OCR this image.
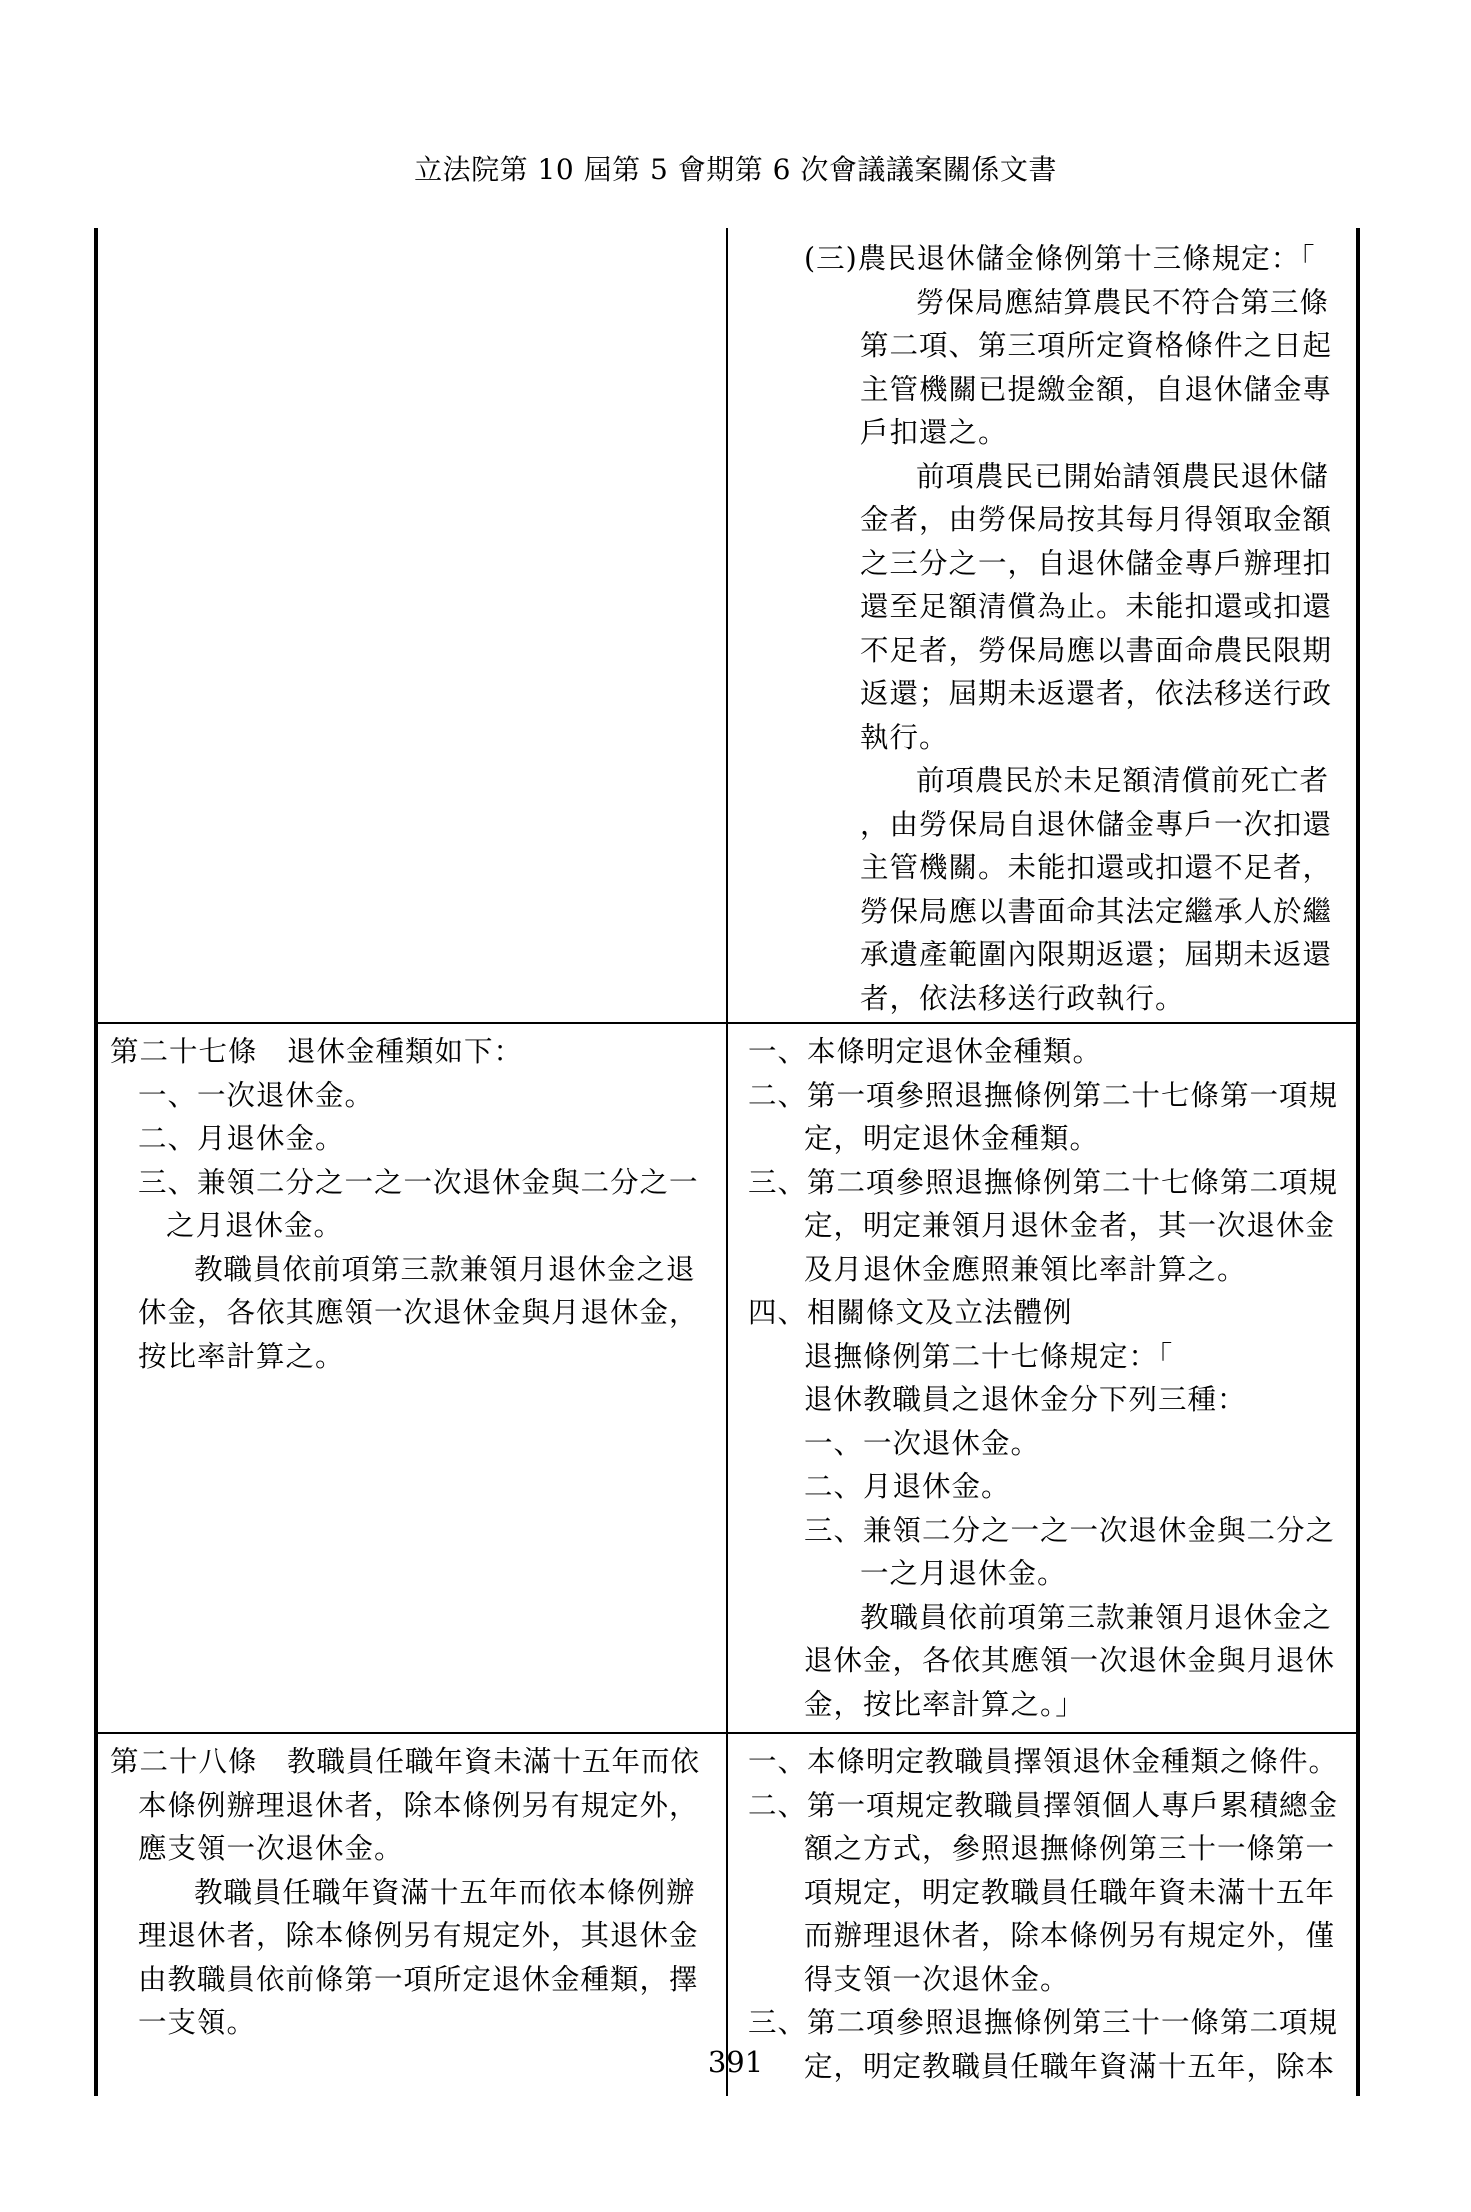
立法院第 10 屆第 5 會期第 6 次會議議案關係文書

(三)農民退休儲金條例第十三條規定：「

勞保局應結算農民不符合第三條

第二項、第三項所定資格條件之日起

主管機關已提繳金額，自退休儲金專

戶扣還之。

前項農民已開始請領農民退休儲

金者，由勞保局按其每月得領取金額

之三分之一，自退休儲金專戶辦理扣

還至足額清償為止。未能扣還或扣還

不足者，勞保局應以書面命農民限期

返還；屆期未返還者，依法移送行政

執行。

前項農民於未足額清償前死亡者

，由勞保局自退休儲金專戶一次扣還

主管機關。未能扣還或扣還不足者，

勞保局應以書面命其法定繼承人於繼

承遺產範圍內限期返還；屆期未返還

者，依法移送行政執行。

第二十七條　退休金種類如下：

一、一次退休金。

二、月退休金。

三、兼領二分之一之一次退休金與二分之一

之月退休金。

教職員依前項第三款兼領月退休金之退

休金，各依其應領一次退休金與月退休金，

按比率計算之。

一、本條明定退休金種類。

二、第一項參照退撫條例第二十七條第一項規

定，明定退休金種類。

三、第二項參照退撫條例第二十七條第二項規

定，明定兼領月退休金者，其一次退休金

及月退休金應照兼領比率計算之。

四、相關條文及立法體例

退撫條例第二十七條規定：「

退休教職員之退休金分下列三種：

一、一次退休金。

二、月退休金。

三、兼領二分之一之一次退休金與二分之

一之月退休金。

教職員依前項第三款兼領月退休金之

退休金，各依其應領一次退休金與月退休

金，按比率計算之。」

第二十八條　教職員任職年資未滿十五年而依

本條例辦理退休者，除本條例另有規定外，

應支領一次退休金。

教職員任職年資滿十五年而依本條例辦

理退休者，除本條例另有規定外，其退休金

由教職員依前條第一項所定退休金種類，擇

一支領。

一、本條明定教職員擇領退休金種類之條件。

二、第一項規定教職員擇領個人專戶累積總金

額之方式，參照退撫條例第三十一條第一

項規定，明定教職員任職年資未滿十五年

而辦理退休者，除本條例另有規定外，僅

得支領一次退休金。

三、第二項參照退撫條例第三十一條第二項規

定，明定教職員任職年資滿十五年，除本

391
